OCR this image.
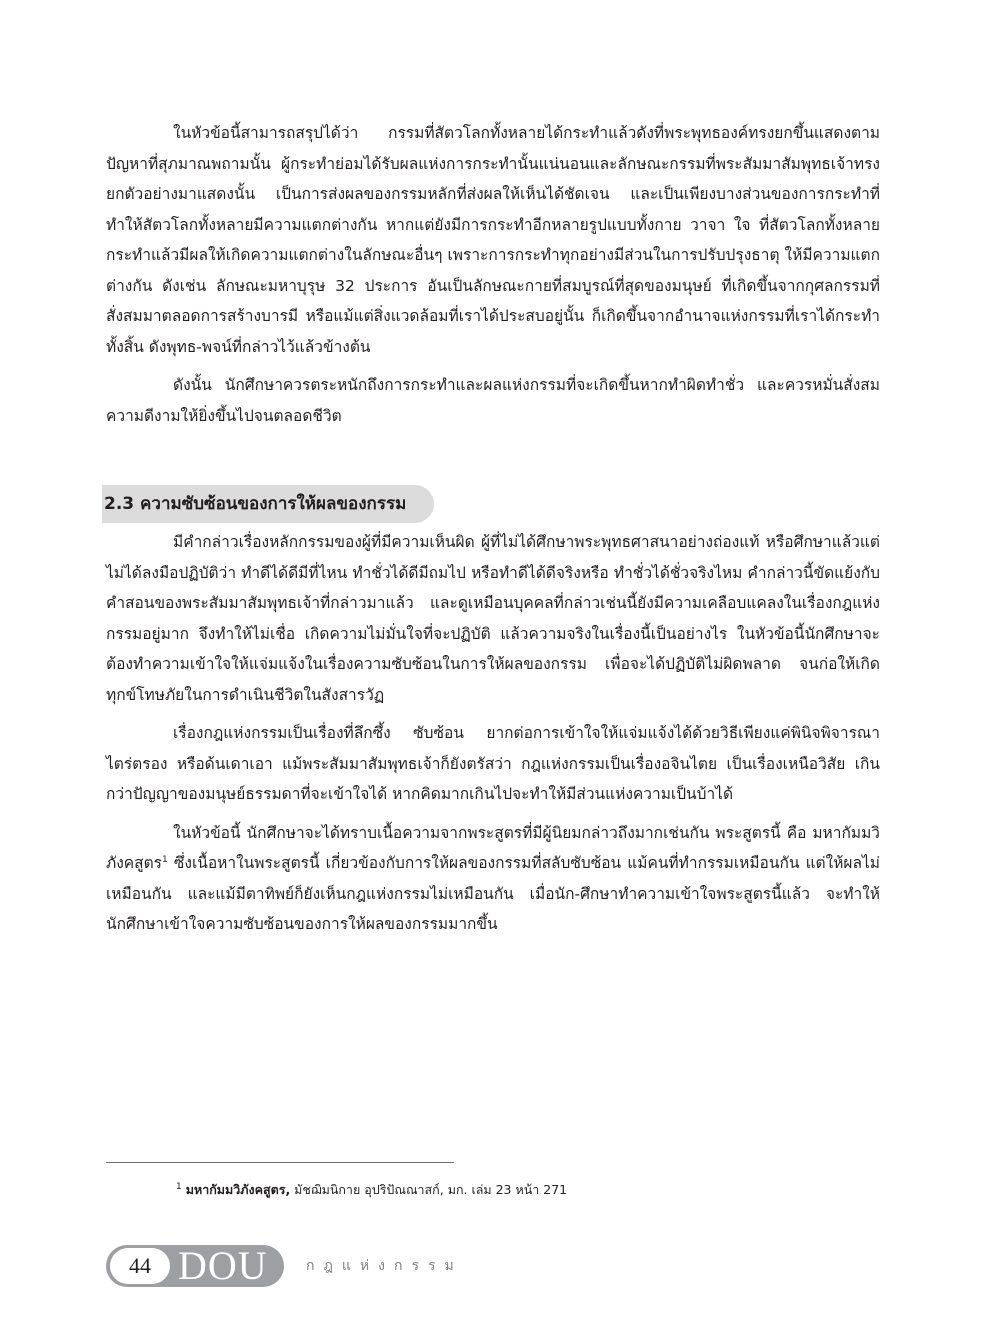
ในหัวข้อนี้สามารถสรุปได้ว่า กรรมที่สัตวโลกทั้งหลายได้กระทำแล้วดังที่พระพุทธองค์ทรงยกขึ้นแสดงตามปัญหาที่สุภมาณพถามนั้น ผู้กระทำย่อมได้รับผลแห่งการกระทำนั้นแน่นอนและลักษณะกรรมที่พระสัมมาสัมพุทธเจ้าทรงยกตัวอย่างมาแสดงนั้น เป็นการส่งผลของกรรมหลักที่ส่งผลให้เห็นได้ชัดเจน และเป็นเพียงบางส่วนของการกระทำที่ทำให้สัตวโลกทั้งหลายมีความแตกต่างกัน หากแต่ยังมีการกระทำอีกหลายรูปแบบทั้งกาย วาจา ใจ ที่สัตวโลกทั้งหลายกระทำแล้วมีผลให้เกิดความแตกต่างในลักษณะอื่นๆ เพราะการกระทำทุกอย่างมีส่วนในการปรับปรุงธาตุ ให้มีความแตกต่างกัน ดังเช่น ลักษณะมหาบุรุษ 32 ประการ อันเป็นลักษณะกายที่สมบูรณ์ที่สุดของมนุษย์ ที่เกิดขึ้นจากกุศลกรรมที่สั่งสมมาตลอดการสร้างบารมี หรือแม้แต่สิ่งแวดล้อมที่เราได้ประสบอยู่นั้น ก็เกิดขึ้นจากอำนาจแห่งกรรมที่เราได้กระทำทั้งสิ้น ดังพุทธ-พจน์ที่กล่าวไว้แล้วข้างต้น

ดังนั้น นักศึกษาควรตระหนักถึงการกระทำและผลแห่งกรรมที่จะเกิดขึ้นหากทำผิดทำชั่ว และควรหมั่นสั่งสมความดีงามให้ยิ่งขึ้นไปจนตลอดชีวิต

2.3 ความซับซ้อนของการให้ผลของกรรม

มีคำกล่าวเรื่องหลักกรรมของผู้ที่มีความเห็นผิด ผู้ที่ไม่ได้ศึกษาพระพุทธศาสนาอย่างถ่องแท้ หรือศึกษาแล้วแต่ไม่ได้ลงมือปฏิบัติว่า ทำดีได้ดีมีที่ไหน ทำชั่วได้ดีมีถมไป หรือทำดีได้ดีจริงหรือ ทำชั่วได้ชั่วจริงไหม คำกล่าวนี้ขัดแย้งกับคำสอนของพระสัมมาสัมพุทธเจ้าที่กล่าวมาแล้ว และดูเหมือนบุคคลที่กล่าวเช่นนี้ยังมีความเคลือบแคลงในเรื่องกฎแห่งกรรมอยู่มาก จึงทำให้ไม่เชื่อ เกิดความไม่มั่นใจที่จะปฏิบัติ แล้วความจริงในเรื่องนี้เป็นอย่างไร ในหัวข้อนี้นักศึกษาจะต้องทำความเข้าใจให้แจ่มแจ้งในเรื่องความซับซ้อนในการให้ผลของกรรม เพื่อจะได้ปฏิบัติไม่ผิดพลาด จนก่อให้เกิดทุกข์โทษภัยในการดำเนินชีวิตในสังสารวัฏ

เรื่องกฎแห่งกรรมเป็นเรื่องที่ลึกซึ้ง ซับซ้อน ยากต่อการเข้าใจให้แจ่มแจ้งได้ด้วยวิธีเพียงแค่พินิจพิจารณาไตร่ตรอง หรือด้นเดาเอา แม้พระสัมมาสัมพุทธเจ้าก็ยังตรัสว่า กฎแห่งกรรมเป็นเรื่องอจินไตย เป็นเรื่องเหนือวิสัย เกินกว่าปัญญาของมนุษย์ธรรมดาที่จะเข้าใจได้ หากคิดมากเกินไปจะทำให้มีส่วนแห่งความเป็นบ้าได้

ในหัวข้อนี้ นักศึกษาจะได้ทราบเนื้อความจากพระสูตรที่มีผู้นิยมกล่าวถึงมากเช่นกัน พระสูตรนี้ คือ มหากัมมวิภังคสูตร$^1$ ซึ่งเนื้อหาในพระสูตรนี้ เกี่ยวข้องกับการให้ผลของกรรมที่สลับซับซ้อน แม้คนที่ทำกรรมเหมือนกัน แต่ให้ผลไม่เหมือนกัน และแม้มีตาทิพย์ก็ยังเห็นกฎแห่งกรรมไม่เหมือนกัน เมื่อนัก-ศึกษาทำความเข้าใจพระสูตรนี้แล้ว จะทำให้นักศึกษาเข้าใจความซับซ้อนของการให้ผลของกรรมมากขึ้น

$^1$ มหากัมมวิภังคสูตร, มัชฌิมนิกาย อุปริปัณณาสก์, มก. เล่ม 23 หน้า 271
44 DOU	กฎแห่งกรรม
